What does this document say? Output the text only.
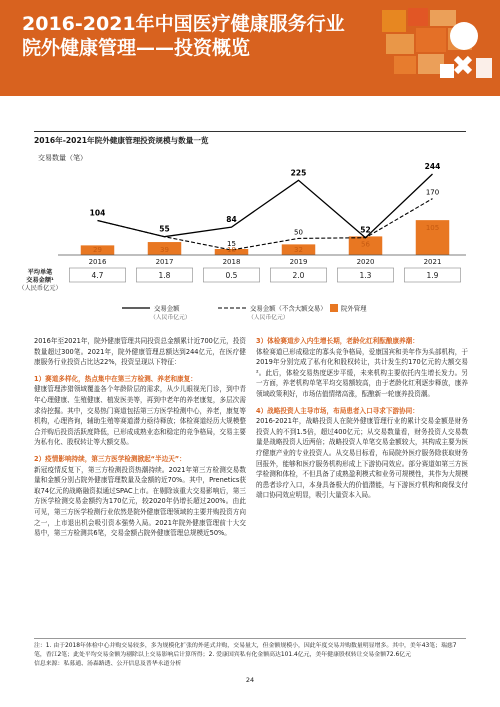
2016-2021年中国医疗健康服务行业
院外健康管理——投资概览
2016年-2021年院外健康管理投资规模与数量一览
交易数量（笔）
29	39	18	32
56
105
104
55
84
225
52
244
15
50
170
2016	2017	2018	2019	2020	2021
平均单笔
交易金额¹
（人民币亿元）
4.7	1.8	0.5	2.0	1.3	1.9
交易金额
（人民币亿元）
交易金额（不含大额交易）
（人民币亿元）
院外管理

2016年至2021年，院外健康管理共同投资总金额累计近700亿元，投资数量超过300笔。2021年，院外健康管理总额达到244亿元，在医疗健康服务行业投资占比达22%，投资呈现以下特征：

1）赛道多样化，热点集中在第三方检测、养老和康复：

健康管理涉猎领域覆盖各个年龄阶层的需求，从少儿眼视光门诊，到中青年心理健康、生殖健康、植发医美等，再到中老年的养老康复，多层次需求待挖掘。其中，交易热门赛道包括第三方医学检测中心，养老，康复等机构，心理咨询，辅助生殖等赛道潜力亟待释放；体检赛道经历大规模整合并购后投资活跃度降低，已形成成熟业态和稳定的竞争格局，交易主要为私有化、股权转让等大额交易。

2）疫情影响持续，第三方医学检测掀起“半边天”：

新冠疫情反复下，第三方检测投资热潮持续。2021年第三方检测交易数量和金额分别占院外健康管理数量及金额的近70%。其中，Prenetics获取74亿元的战略融资拟通过SPAC上市。在剔除该重大交易影响后，第三方医学检测交易金额约为170亿元，较2020年仍增长超过200%。由此可见，第三方医学检测行业依然是院外健康管理领域的主要并购投资方向之一，上市退出机会吸引资本强势入局。2021年院外健康管理前十大交易中，第三方检测共6笔，交易金额占院外健康管理总规模近50%。

3）体检赛道步入内生增长期，老龄化红利酝酿康养潮：

体检赛道已形成稳定的寡头竞争格局，爱康国宾和美年作为头部机构，于2019年分别完成了私有化和股权转让，共计发生约170亿元的大额交易²。此后，体检交易热度逐步平缓，未来机构主要依托内生增长发力。另一方面，养老机构单笔平均交易额较高，由于老龄化红利逐步释放，康养领域政策利好，市场估值情绪高涨，酝酿新一轮康养投资潮。

4）战略投资人主导市场，布局患者入口寻求下游协同：

2016-2021年，战略投资人在院外健康管理行业的累计交易金额是财务投资人的不到1.5倍，超过400亿元；从交易数量看，财务投资人交易数量是战略投资人近两倍；战略投资人单笔交易金额较大，其构成主要为医疗健康产业的专业投资人。从交易目标看，布局院外医疗服务除获取财务回报外，能够和医疗服务机构形成上下游协同效应。部分赛道如第三方医学检测和体检，不但具备了成熟盈利模式和业务可规模性，其作为大规模的患者诊疗入口，本身具备极大的价值潜能，与下游医疗机构和商保支付端口协同效应明显，吸引大量资本入局。

注：1. 由于2018年体检中心并购交易较多，多为规模化扩张的外延式并购，交易量大，但金额规模小，因此年度交易并购数量明显增多。其中，美年43笔；瑞慈7笔，香江2笔；此处平均交易金额为剔除以上交易影响后计算所得；2. 爱康国宾私有化金额高达101.4亿元，美年健康股权转让交易金额72.6亿元

信息来源：私募通、汤森路透、公开信息及普华永道分析

24
